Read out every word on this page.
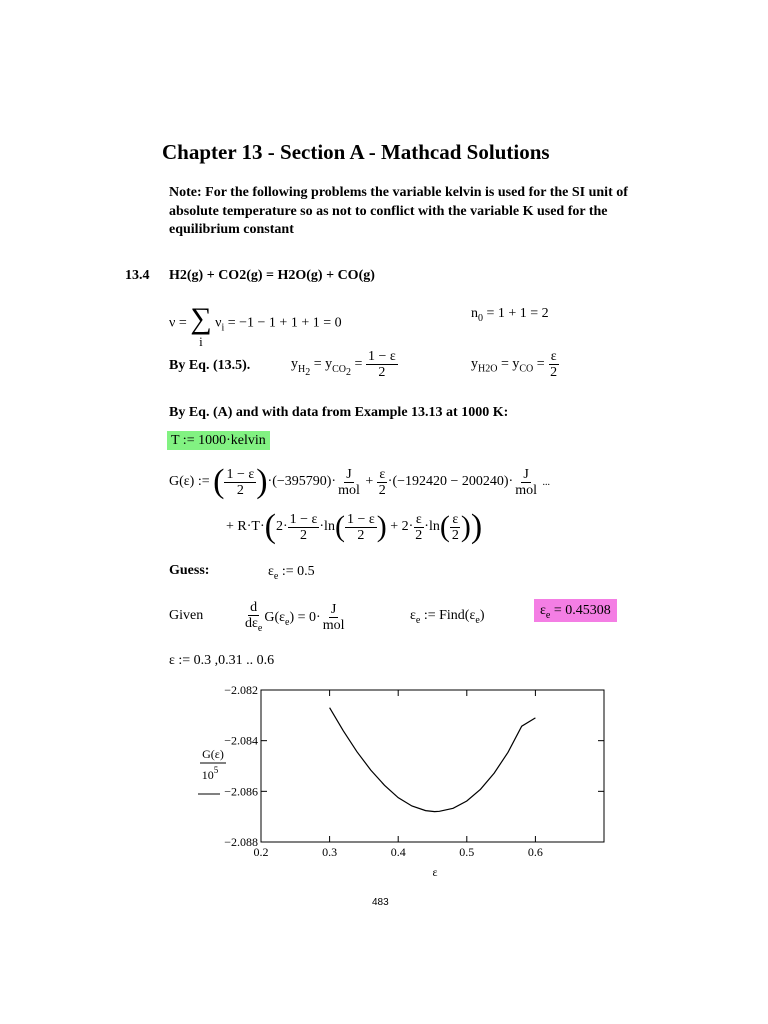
Chapter 13 - Section A - Mathcad Solutions
Note: For the following problems the variable kelvin is used for the SI unit of absolute temperature so as not to conflict with the variable K used for the equilibrium constant
13.4 H2(g) + CO2(g) = H2O(g) + CO(g)
ν = ∑
i $\nu_i = -1 - 1 + 1 + 1 = 0$
$n_0 = 1 + 1 = 2$
By Eq. (13.5).	$y_{H_2} = y_{CO_2} = \frac{1 - \varepsilon}{2}$	$y_{H2O} = y_{CO} = \frac{\varepsilon}{2}$
By Eq. (A) and with data from Example 13.13 at 1000 K:
T := 1000·kelvin
G(ε) := ( $\frac{1 - \varepsilon}{2} )\cdot(-395790)\cdot \frac{J}{\text{mol}} + \frac{\varepsilon}{2} \cdot(-192420 - 200240)\cdot \frac{J}{\text{mol}}$ ...
+ $R\cdot T\cdot(2\cdot \frac{1 - \varepsilon}{2} \cdot\ln( \frac{1 - \varepsilon}{2}$ ) + $2\cdot \frac{\varepsilon}{2} \cdot\ln( \frac{\varepsilon}{2}$ ))
Guess:	$\varepsilon_e$ := 0.5
Given	$\frac{d}{d\varepsilon_e} G(\varepsilon_e) = 0\cdot \frac{J}{\text{mol}}$	$\varepsilon_e$ := $Find(\varepsilon_e)$	$\varepsilon_e = 0.45308$
ε := 0.3 ,0.31 .. 0.6
0.2	0.3	0.4	0.5	0.6
−2.082
−2.084
−2.086
−2.088
G(ε)
$10^5$
ε
483
